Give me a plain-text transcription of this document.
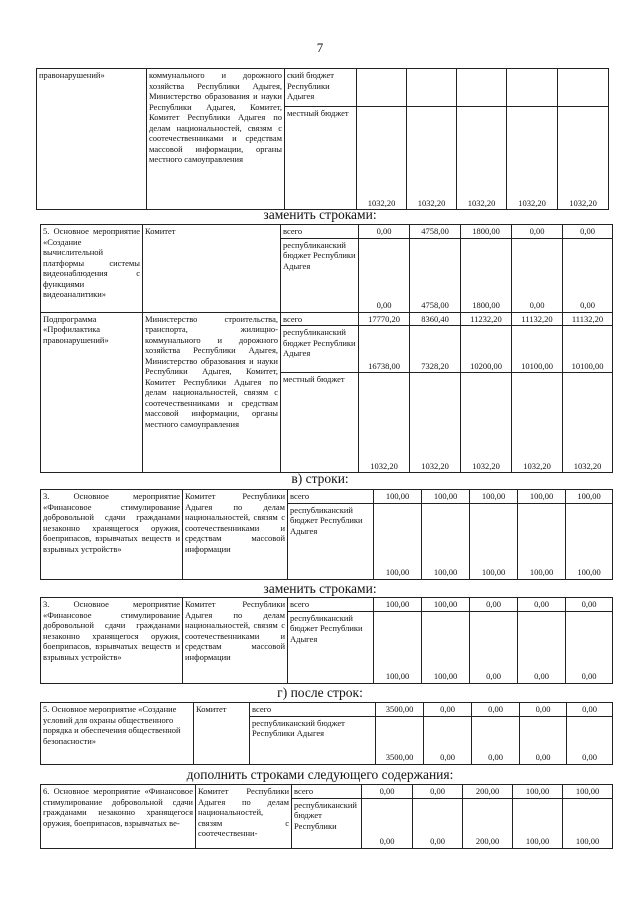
7
правонарушений»	коммунального и дорожного хозяйства Республики Адыгея, Министерство образования и науки Республики Адыгея, Комитет, Комитет Республики Адыгея по делам национальностей, связям с соотечественниками и средствам массовой информации, органы местного самоуправления	ский бюджет Республики Адыгея					
		местный бюджет	1032,20	1032,20	1032,20	1032,20	1032,20
заменить строками:
5. Основное мероприятие «Создание вычислительной платформы системы видеонаблюдения с функциями видеоаналитики»	Комитет	всего	0,00	4758,00	1800,00	0,00	0,00
		республиканский бюджет Республики Адыгея	0,00	4758,00	1800,00	0,00	0,00
Подпрограмма «Профилактика правонарушений»	Министерство строительства, транспорта, жилищно-коммунального и дорожного хозяйства Республики Адыгея, Министерство образования и науки Республики Адыгея, Комитет, Комитет Республики Адыгея по делам национальностей, связям с соотечественниками и средствам массовой информации, органы местного самоуправления	всего	17770,20	8360,40	11232,20	11132,20	11132,20
		республиканский бюджет Республики Адыгея	16738,00	7328,20	10200,00	10100,00	10100,00
		местный бюджет	1032,20	1032,20	1032,20	1032,20	1032,20
в) строки:
3. Основное мероприятие «Финансовое стимулирование добровольной сдачи гражданами незаконно хранящегося оружия, боеприпасов, взрывчатых веществ и взрывных устройств»	Комитет Республики Адыгея по делам национальностей, связям с соотечественниками и средствам массовой информации	всего	100,00	100,00	100,00	100,00	100,00
		республиканский бюджет Республики Адыгея	100,00	100,00	100,00	100,00	100,00
заменить строками:
3. Основное мероприятие «Финансовое стимулирование добровольной сдачи гражданами незаконно хранящегося оружия, боеприпасов, взрывчатых веществ и взрывных устройств»	Комитет Республики Адыгея по делам национальностей, связям с соотечественниками и средствам массовой информации	всего	100,00	100,00	0,00	0,00	0,00
		республиканский бюджет Республики Адыгея	100,00	100,00	0,00	0,00	0,00
г) после строк:
5. Основное мероприятие «Создание условий для охраны общественного порядка и обеспечения общественной безопасности»	Комитет	всего	3500,00	0,00	0,00	0,00	0,00
		республиканский бюджет Республики Адыгея	3500,00	0,00	0,00	0,00	0,00
дополнить строками следующего содержания:
6. Основное мероприятие «Финансовое стимулирование добровольной сдачи гражданами незаконно хранящегося оружия, боеприпасов, взрывчатых ве-	Комитет Республики Адыгея по делам национальностей, связям с соотечественни-	всего	0,00	0,00	200,00	100,00	100,00
		республиканский бюджет Республики	0,00	0,00	200,00	100,00	100,00
